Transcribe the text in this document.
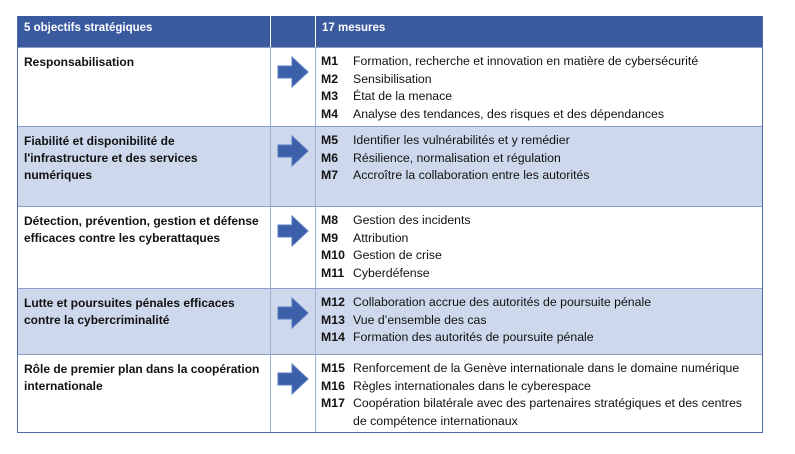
5 objectifs stratégiques	17 mesures
Responsabilisation	M1 Formation, recherche et innovation en matière de cybersécurité
M2 Sensibilisation
M3 État de la menace
M4 Analyse des tendances, des risques et des dépendances
Fiabilité et disponibilité de l'infrastructure et des services numériques
M5 Identifier les vulnérabilités et y remédier
M6 Résilience, normalisation et régulation
M7 Accroître la collaboration entre les autorités
Détection, prévention, gestion et défense efficaces contre les cyberattaques
M8 Gestion des incidents
M9 Attribution
M10 Gestion de crise
M11 Cyberdéfense
Lutte et poursuites pénales efficaces contre la cybercriminalité
M12 Collaboration accrue des autorités de poursuite pénale
M13 Vue d’ensemble des cas
M14 Formation des autorités de poursuite pénale
Rôle de premier plan dans la coopération internationale
M15 Renforcement de la Genève internationale dans le domaine numérique
M16 Règles internationales dans le cyberespace
M17 Coopération bilatérale avec des partenaires stratégiques et des centres de compétence internationaux
